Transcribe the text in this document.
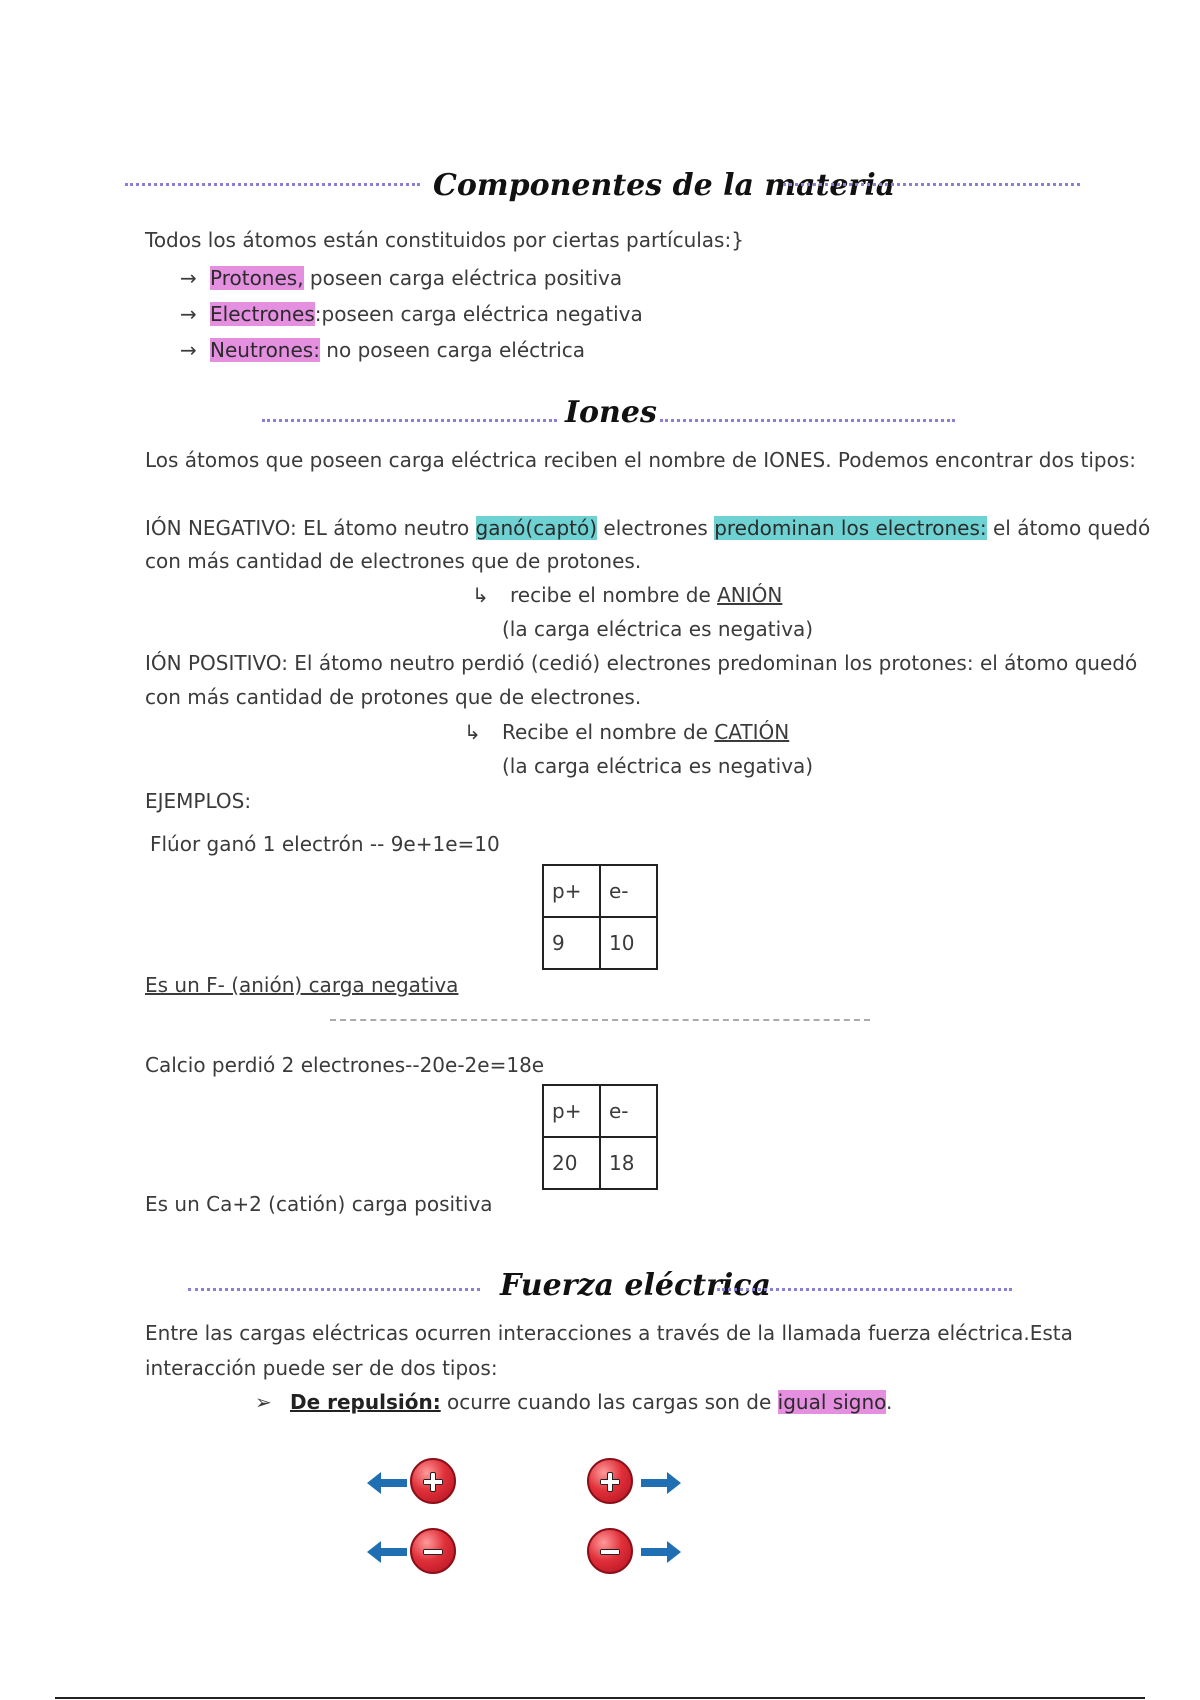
Componentes de la materia
Todos los átomos están constituidos por ciertas partículas:}
→ Protones, poseen carga eléctrica positiva
→ Electrones:poseen carga eléctrica negativa
→ Neutrones: no poseen carga eléctrica
Iones
Los átomos que poseen carga eléctrica reciben el nombre de IONES. Podemos encontrar dos tipos:
IÓN NEGATIVO: EL átomo neutro ganó(captó) electrones predominan los electrones: el átomo quedó
con más cantidad de electrones que de protones.
↳ recibe el nombre de ANIÓN
(la carga eléctrica es negativa)
IÓN POSITIVO: El átomo neutro perdió (cedió) electrones predominan los protones: el átomo quedó
con más cantidad de protones que de electrones.
↳ Recibe el nombre de CATIÓN
(la carga eléctrica es negativa)
EJEMPLOS:
Flúor ganó 1 electrón -- 9e+1e=10
p+	e-
9	10
Es un F- (anión) carga negativa
Calcio perdió 2 electrones--20e-2e=18e
p+	e-
20	18
Es un Ca+2 (catión) carga positiva
Fuerza eléctrica
Entre las cargas eléctricas ocurren interacciones a través de la llamada fuerza eléctrica.Esta
interacción puede ser de dos tipos:
➢ De repulsión: ocurre cuando las cargas son de igual signo.
